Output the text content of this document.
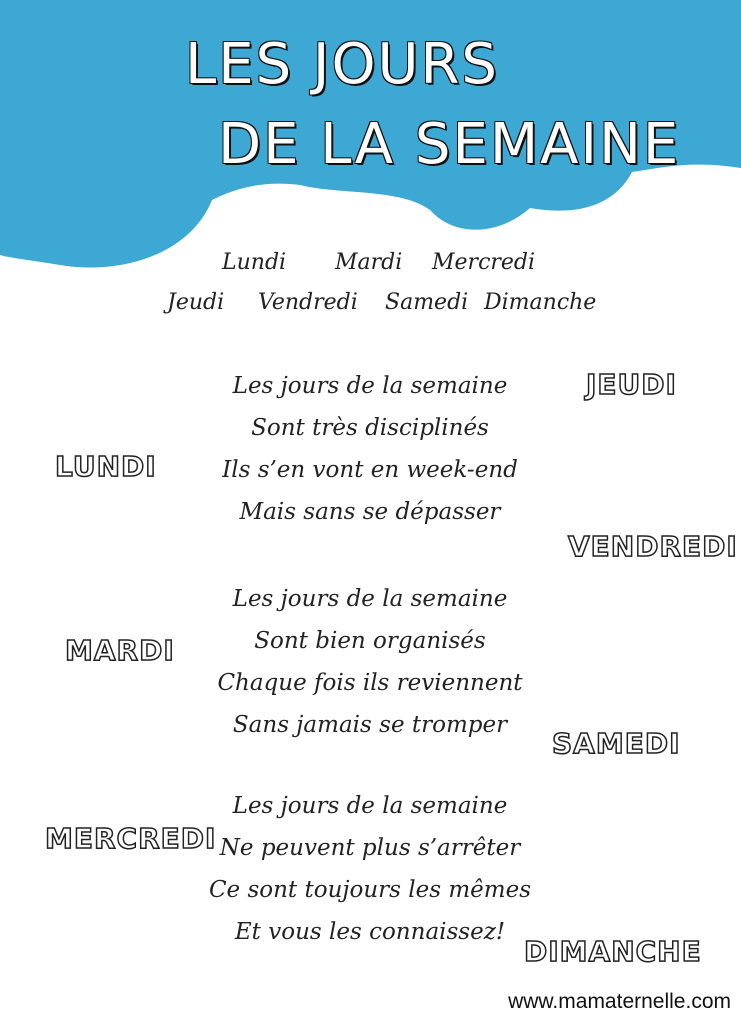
LES JOURS
DE LA SEMAINE
Lundi Mardi Mercredi
Jeudi Vendredi Samedi Dimanche
Les jours de la semaine
Sont très disciplinés
Ils s’en vont en week-end
Mais sans se dépasser
Les jours de la semaine
Sont bien organisés
Chaque fois ils reviennent
Sans jamais se tromper
Les jours de la semaine
Ne peuvent plus s’arrêter
Ce sont toujours les mêmes
Et vous les connaissez!
LUNDI
MARDI
MERCREDI
JEUDI
VENDREDI
SAMEDI
DIMANCHE
www.mamaternelle.com
